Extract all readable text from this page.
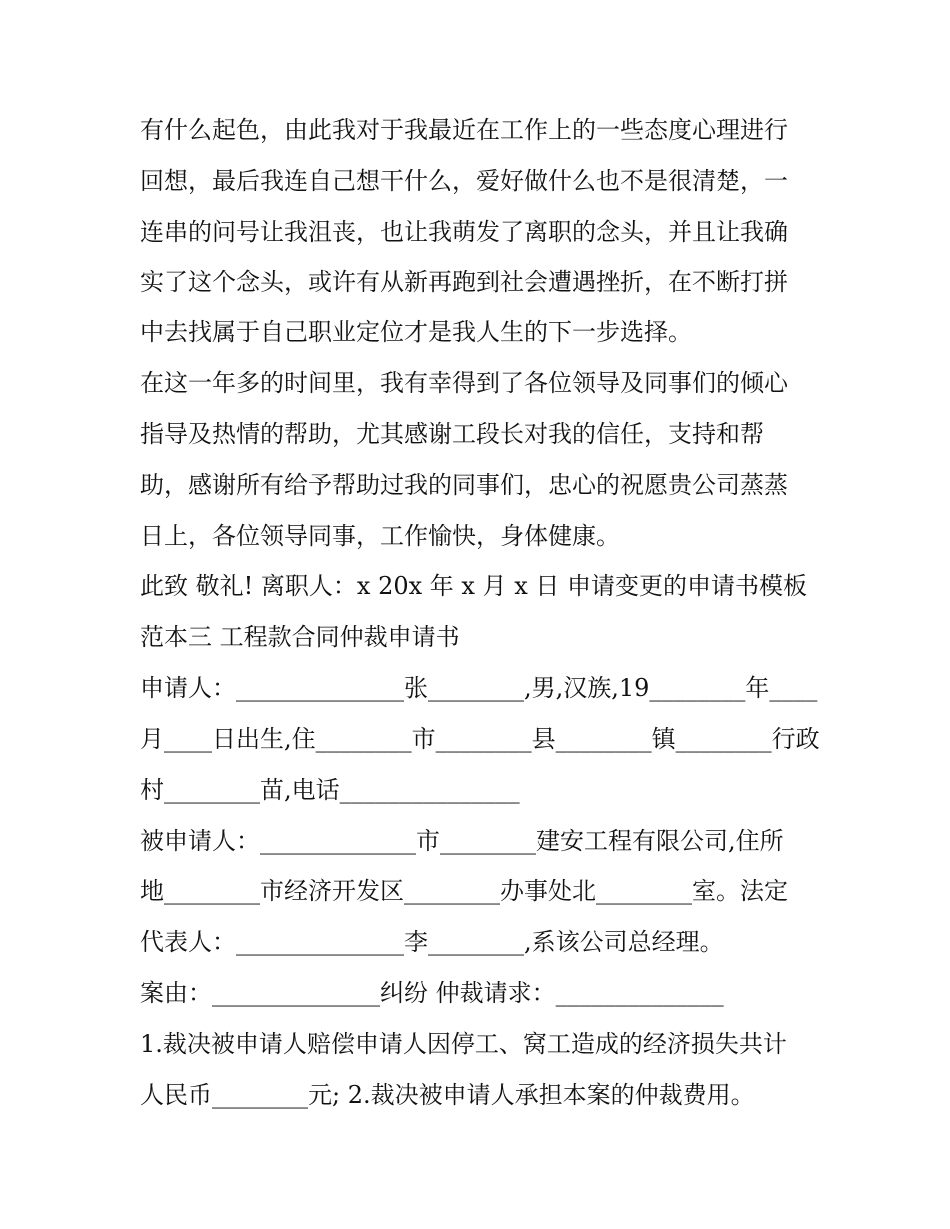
有什么起色，由此我对于我最近在工作上的一些态度心理进行
回想，最后我连自己想干什么，爱好做什么也不是很清楚，一
连串的问号让我沮丧，也让我萌发了离职的念头，并且让我确
实了这个念头，或许有从新再跑到社会遭遇挫折，在不断打拼
中去找属于自己职业定位才是我人生的下一步选择。
在这一年多的时间里，我有幸得到了各位领导及同事们的倾心
指导及热情的帮助，尤其感谢工段长对我的信任，支持和帮
助，感谢所有给予帮助过我的同事们，忠心的祝愿贵公司蒸蒸
日上，各位领导同事，工作愉快，身体健康。
此致 敬礼! 离职人：x 20x 年 x 月 x 日 申请变更的申请书模板
范本三 工程款合同仲裁申请书
申请人：______________张________,男,汉族,19________年____
月____日出生,住________市________县________镇________行政
村________苗,电话_______________
被申请人：_____________市________建安工程有限公司,住所
地________市经济开发区________办事处北________室。法定
代表人：______________李________,系该公司总经理。
案由：______________纠纷 仲裁请求：______________
1.裁决被申请人赔偿申请人因停工、窝工造成的经济损失共计
人民币________元; 2.裁决被申请人承担本案的仲裁费用。
